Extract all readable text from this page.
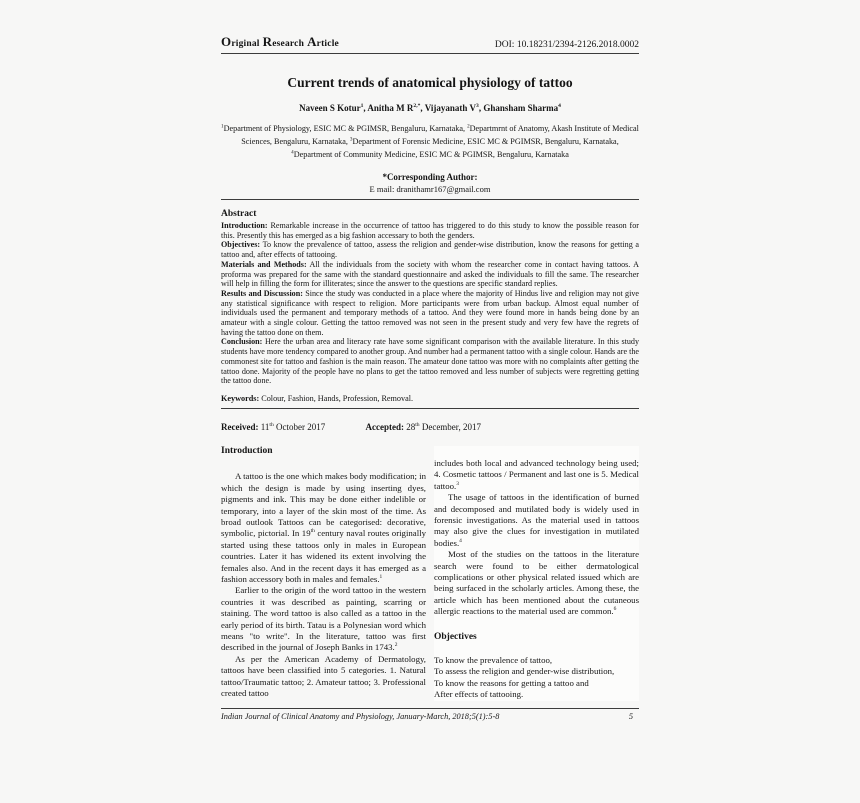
Original Research Article	DOI: 10.18231/2394-2126.2018.0002
Current trends of anatomical physiology of tattoo
Naveen S Kotur$^1$, Anitha M $R^{2,*}$, Vijayanath $V^3$, Ghansham Sharma$^4$
$^1$Department of Physiology, ESIC MC & PGIMSR, Bengaluru, Karnataka, $^2$Departmrnt of Anatomy, Akash Institute of Medical Sciences, Bengaluru, Karnataka, $^3$Department of Forensic Medicine, ESIC MC & PGIMSR, Bengaluru, Karnataka, $^4$Department of Community Medicine, ESIC MC & PGIMSR, Bengaluru, Karnataka
*Corresponding Author:
E mail: dranithamr167@gmail.com
Abstract

Introduction: Remarkable increase in the occurrence of tattoo has triggered to do this study to know the possible reason for this. Presently this has emerged as a big fashion accessary to both the genders.

Objectives: To know the prevalence of tattoo, assess the religion and gender-wise distribution, know the reasons for getting a tattoo and, after effects of tattooing.

Materials and Methods: All the individuals from the society with whom the researcher come in contact having tattoos. A proforma was prepared for the same with the standard questionnaire and asked the individuals to fill the same. The researcher will help in filling the form for illiterates; since the answer to the questions are specific standard replies.

Results and Discussion: Since the study was conducted in a place where the majority of Hindus live and religion may not give any statistical significance with respect to religion. More participants were from urban backup. Almost equal number of individuals used the permanent and temporary methods of a tattoo. And they were found more in hands being done by an amateur with a single colour. Getting the tattoo removed was not seen in the present study and very few have the regrets of having the tattoo done on them.

Conclusion: Here the urban area and literacy rate have some significant comparison with the available literature. In this study students have more tendency compared to another group. And number had a permanent tattoo with a single colour. Hands are the commonest site for tattoo and fashion is the main reason. The amateur done tattoo was more with no complaints after getting the tattoo done. Majority of the people have no plans to get the tattoo removed and less number of subjects were regretting getting the tattoo done.

Keywords: Colour, Fashion, Hands, Profession, Removal.
Received: 11th October 2017	Accepted: 28th December, 2017
Introduction

A tattoo is the one which makes body modification; in which the design is made by using inserting dyes, pigments and ink. This may be done either indelible or temporary, into a layer of the skin most of the time. As broad outlook Tattoos can be categorised: decorative, symbolic, pictorial. In 19th century naval routes originally started using these tattoos only in males in European countries. Later it has widened its extent involving the females also. And in the recent days it has emerged as a fashion accessory both in males and females.$^1$

Earlier to the origin of the word tattoo in the western countries it was described as painting, scarring or staining. The word tattoo is also called as a tattoo in the early period of its birth. Tatau is a Polynesian word which means "to write". In the literature, tattoo was first described in the journal of Joseph Banks in 1743.$^2$

As per the American Academy of Dermatology, tattoos have been classified into 5 categories. 1. Natural tattoo/Traumatic tattoo; 2. Amateur tattoo; 3. Professional created tattoo

includes both local and advanced technology being used; 4. Cosmetic tattoos / Permanent and last one is 5. Medical tattoo.$^3$

The usage of tattoos in the identification of burned and decomposed and mutilated body is widely used in forensic investigations. As the material used in tattoos may also give the clues for investigation in mutilated bodies.$^4$

Most of the studies on the tattoos in the literature search were found to be either dermatological complications or other physical related issued which are being surfaced in the scholarly articles. Among these, the article which has been mentioned about the cutaneous allergic reactions to the material used are common.$^6$

Objectives
To know the prevalence of tattoo,
To assess the religion and gender-wise distribution,
To know the reasons for getting a tattoo and
After effects of tattooing.
Indian Journal of Clinical Anatomy and Physiology, January-March, 2018;5(1):5-8	5
